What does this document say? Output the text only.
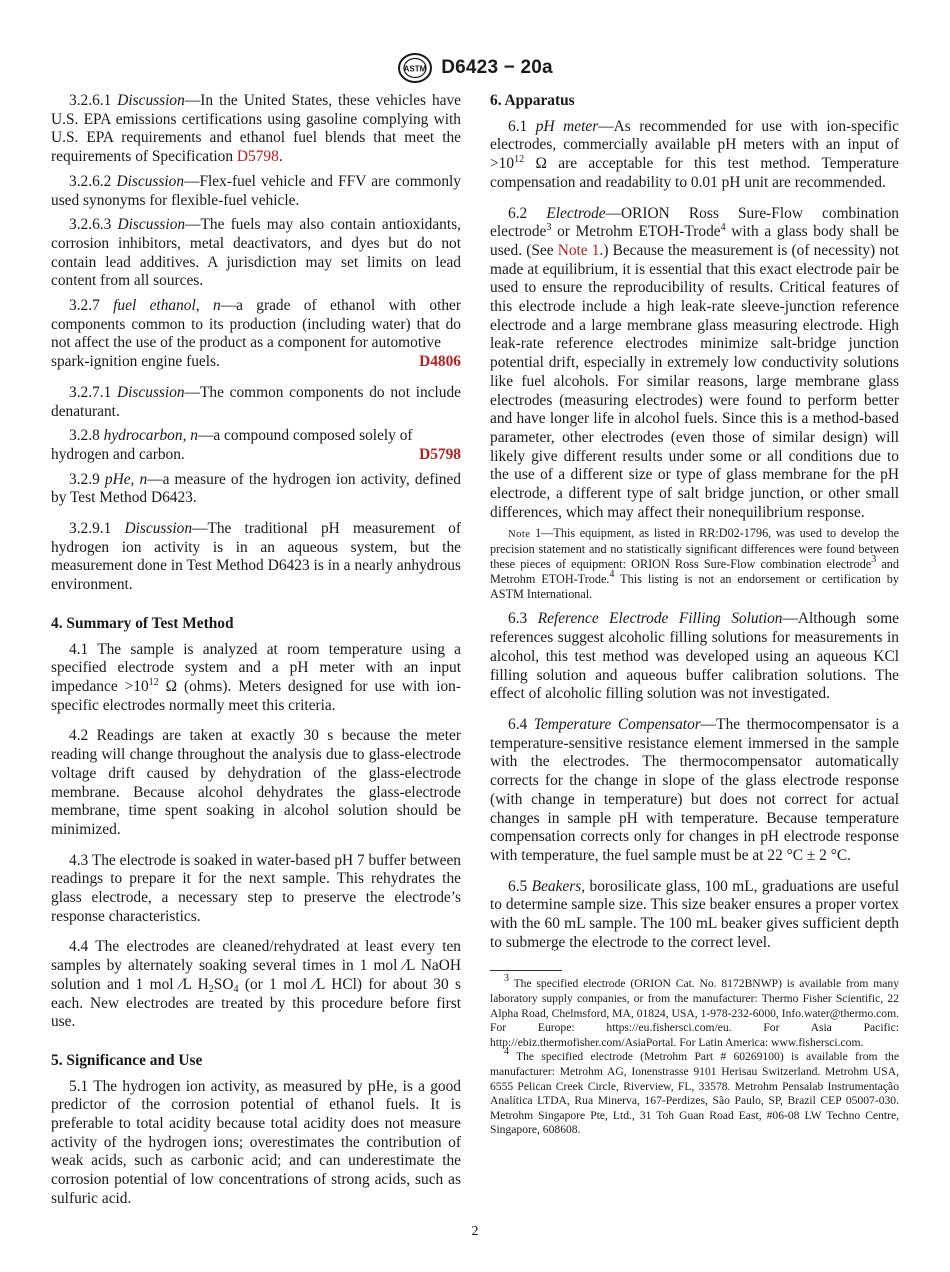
ASTM D6423 − 20a

3.2.6.1 Discussion—In the United States, these vehicles have U.S. EPA emissions certifications using gasoline complying with U.S. EPA requirements and ethanol fuel blends that meet the requirements of Specification D5798.

3.2.6.2 Discussion—Flex-fuel vehicle and FFV are commonly used synonyms for flexible-fuel vehicle.

3.2.6.3 Discussion—The fuels may also contain antioxidants, corrosion inhibitors, metal deactivators, and dyes but do not contain lead additives. A jurisdiction may set limits on lead content from all sources.

3.2.7 fuel ethanol, n—a grade of ethanol with other components common to its production (including water) that do not affect the use of the product as a component for automotive

spark-ignition engine fuels.	D4806

3.2.7.1 Discussion—The common components do not include denaturant.

3.2.8 hydrocarbon, n—a compound composed solely of

hydrogen and carbon.	D5798

3.2.9 pHe, n—a measure of the hydrogen ion activity, defined by Test Method D6423.

3.2.9.1 Discussion—The traditional pH measurement of hydrogen ion activity is in an aqueous system, but the measurement done in Test Method D6423 is in a nearly anhydrous environment.

4. Summary of Test Method

4.1 The sample is analyzed at room temperature using a specified electrode system and a pH meter with an input impedance $>10^{12}$ Ω (ohms). Meters designed for use with ion-specific electrodes normally meet this criteria.

4.2 Readings are taken at exactly 30 s because the meter reading will change throughout the analysis due to glass-electrode voltage drift caused by dehydration of the glass-electrode membrane. Because alcohol dehydrates the glass-electrode membrane, time spent soaking in alcohol solution should be minimized.

4.3 The electrode is soaked in water-based pH 7 buffer between readings to prepare it for the next sample. This rehydrates the glass electrode, a necessary step to preserve the electrode’s response characteristics.

4.4 The electrodes are cleaned/rehydrated at least every ten samples by alternately soaking several times in 1 mol ⁄L NaOH solution and 1 mol ⁄L $H_2SO_4$ (or 1 mol ⁄L HCl) for about 30 s each. New electrodes are treated by this procedure before first use.

5. Significance and Use

5.1 The hydrogen ion activity, as measured by pHe, is a good predictor of the corrosion potential of ethanol fuels. It is preferable to total acidity because total acidity does not measure activity of the hydrogen ions; overestimates the contribution of weak acids, such as carbonic acid; and can underestimate the corrosion potential of low concentrations of strong acids, such as sulfuric acid.

6. Apparatus

6.1 pH meter—As recommended for use with ion-specific electrodes, commercially available pH meters with an input of $>10^{12}$ Ω are acceptable for this test method. Temperature compensation and readability to 0.01 pH unit are recommended.

6.2 Electrode—ORION Ross Sure-Flow combination electrode$^3$ or Metrohm ETOH-Trode$^4$ with a glass body shall be used. (See Note 1.) Because the measurement is (of necessity) not made at equilibrium, it is essential that this exact electrode pair be used to ensure the reproducibility of results. Critical features of this electrode include a high leak-rate sleeve-junction reference electrode and a large membrane glass measuring electrode. High leak-rate reference electrodes minimize salt-bridge junction potential drift, especially in extremely low conductivity solutions like fuel alcohols. For similar reasons, large membrane glass electrodes (measuring electrodes) were found to perform better and have longer life in alcohol fuels. Since this is a method-based parameter, other electrodes (even those of similar design) will likely give different results under some or all conditions due to the use of a different size or type of glass membrane for the pH electrode, a different type of salt bridge junction, or other small differences, which may affect their nonequilibrium response.

Note 1—This equipment, as listed in RR:D02-1796, was used to develop the precision statement and no statistically significant differences were found between these pieces of equipment: ORION Ross Sure-Flow combination electrode$^3$ and Metrohm ETOH-Trode.$^4$ This listing is not an endorsement or certification by ASTM International.

6.3 Reference Electrode Filling Solution—Although some references suggest alcoholic filling solutions for measurements in alcohol, this test method was developed using an aqueous KCl filling solution and aqueous buffer calibration solutions. The effect of alcoholic filling solution was not investigated.

6.4 Temperature Compensator—The thermocompensator is a temperature-sensitive resistance element immersed in the sample with the electrodes. The thermocompensator automatically corrects for the change in slope of the glass electrode response (with change in temperature) but does not correct for actual changes in sample pH with temperature. Because temperature compensation corrects only for changes in pH electrode response with temperature, the fuel sample must be at 22 °C ± 2 °C.

6.5 Beakers, borosilicate glass, 100 mL, graduations are useful to determine sample size. This size beaker ensures a proper vortex with the 60 mL sample. The 100 mL beaker gives sufficient depth to submerge the electrode to the correct level.

$^3$ The specified electrode (ORION Cat. No. 8172BNWP) is available from many laboratory supply companies, or from the manufacturer: Thermo Fisher Scientific, 22 Alpha Road, Chelmsford, MA, 01824, USA, 1-978-232-6000, Info.water@thermo.com. For Europe: https://eu.fishersci.com/eu. For Asia Pacific: http://ebiz.thermofisher.com/AsiaPortal. For Latin America: www.fishersci.com.

$^4$ The specified electrode (Metrohm Part # 60269100) is available from the manufacturer: Metrohm AG, Ionenstrasse 9101 Herisau Switzerland. Metrohm USA, 6555 Pelican Creek Circle, Riverview, FL, 33578. Metrohm Pensalab Instrumentação Analítica LTDA, Rua Minerva, 167-Perdizes, São Paulo, SP, Brazil CEP 05007-030. Metrohm Singapore Pte, Ltd., 31 Toh Guan Road East, #06-08 LW Techno Centre, Singapore, 608608.

2
